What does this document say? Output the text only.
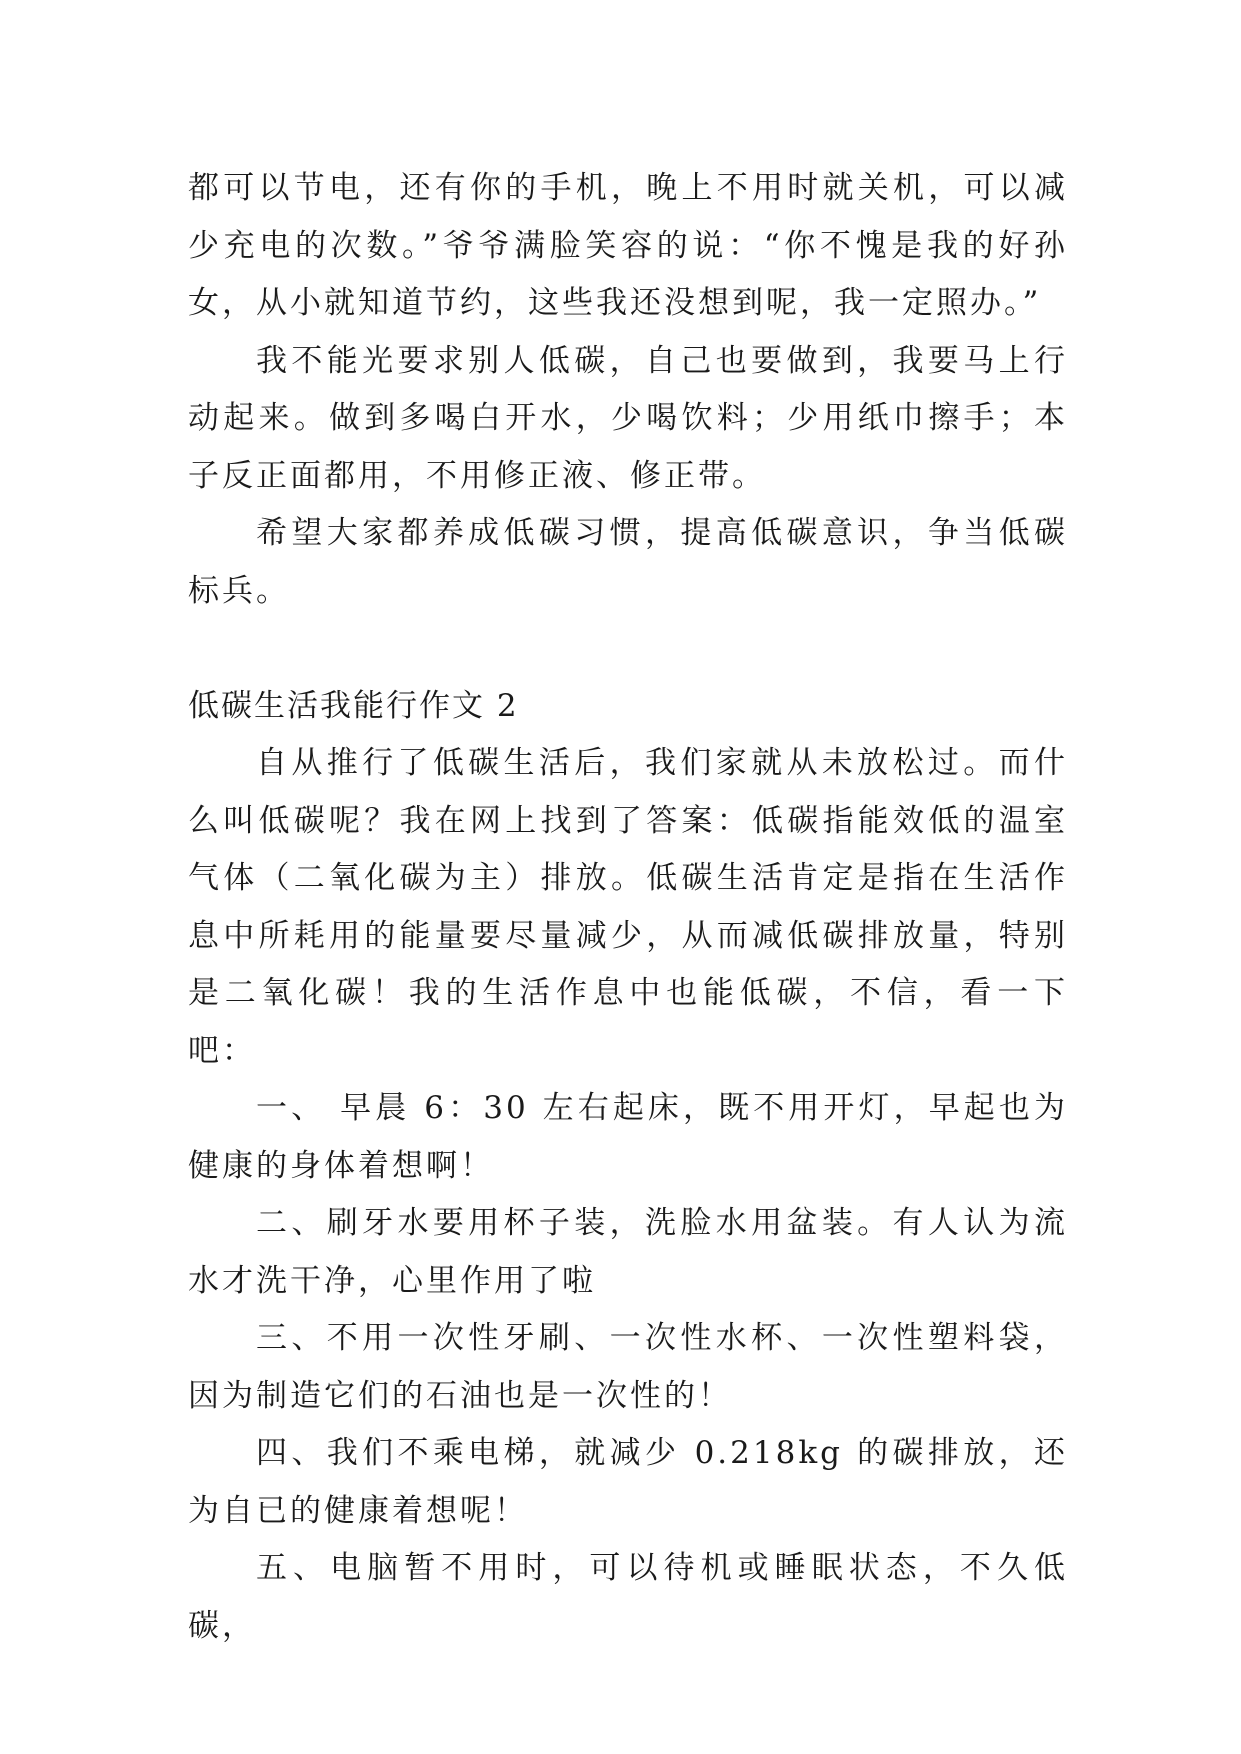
都可以节电，还有你的手机，晚上不用时就关机，可以减少充电的次数。”爷爷满脸笑容的说：“你不愧是我的好孙女，从小就知道节约，这些我还没想到呢，我一定照办。”

我不能光要求别人低碳，自己也要做到，我要马上行动起来。做到多喝白开水，少喝饮料；少用纸巾擦手；本子反正面都用，不用修正液、修正带。

希望大家都养成低碳习惯，提高低碳意识，争当低碳标兵。

低碳生活我能行作文 2

自从推行了低碳生活后，我们家就从未放松过。而什么叫低碳呢？我在网上找到了答案：低碳指能效低的温室气体（二氧化碳为主）排放。低碳生活肯定是指在生活作息中所耗用的能量要尽量减少，从而减低碳排放量，特别是二氧化碳！我的生活作息中也能低碳，不信，看一下吧：

一、 早晨 6：30 左右起床，既不用开灯，早起也为健康的身体着想啊！

二、刷牙水要用杯子装，洗脸水用盆装。有人认为流水才洗干净，心里作用了啦

三、不用一次性牙刷、一次性水杯、一次性塑料袋，因为制造它们的石油也是一次性的！

四、我们不乘电梯，就减少 0.218kg 的碳排放，还为自已的健康着想呢！

五、电脑暂不用时，可以待机或睡眠状态，不久低碳，
